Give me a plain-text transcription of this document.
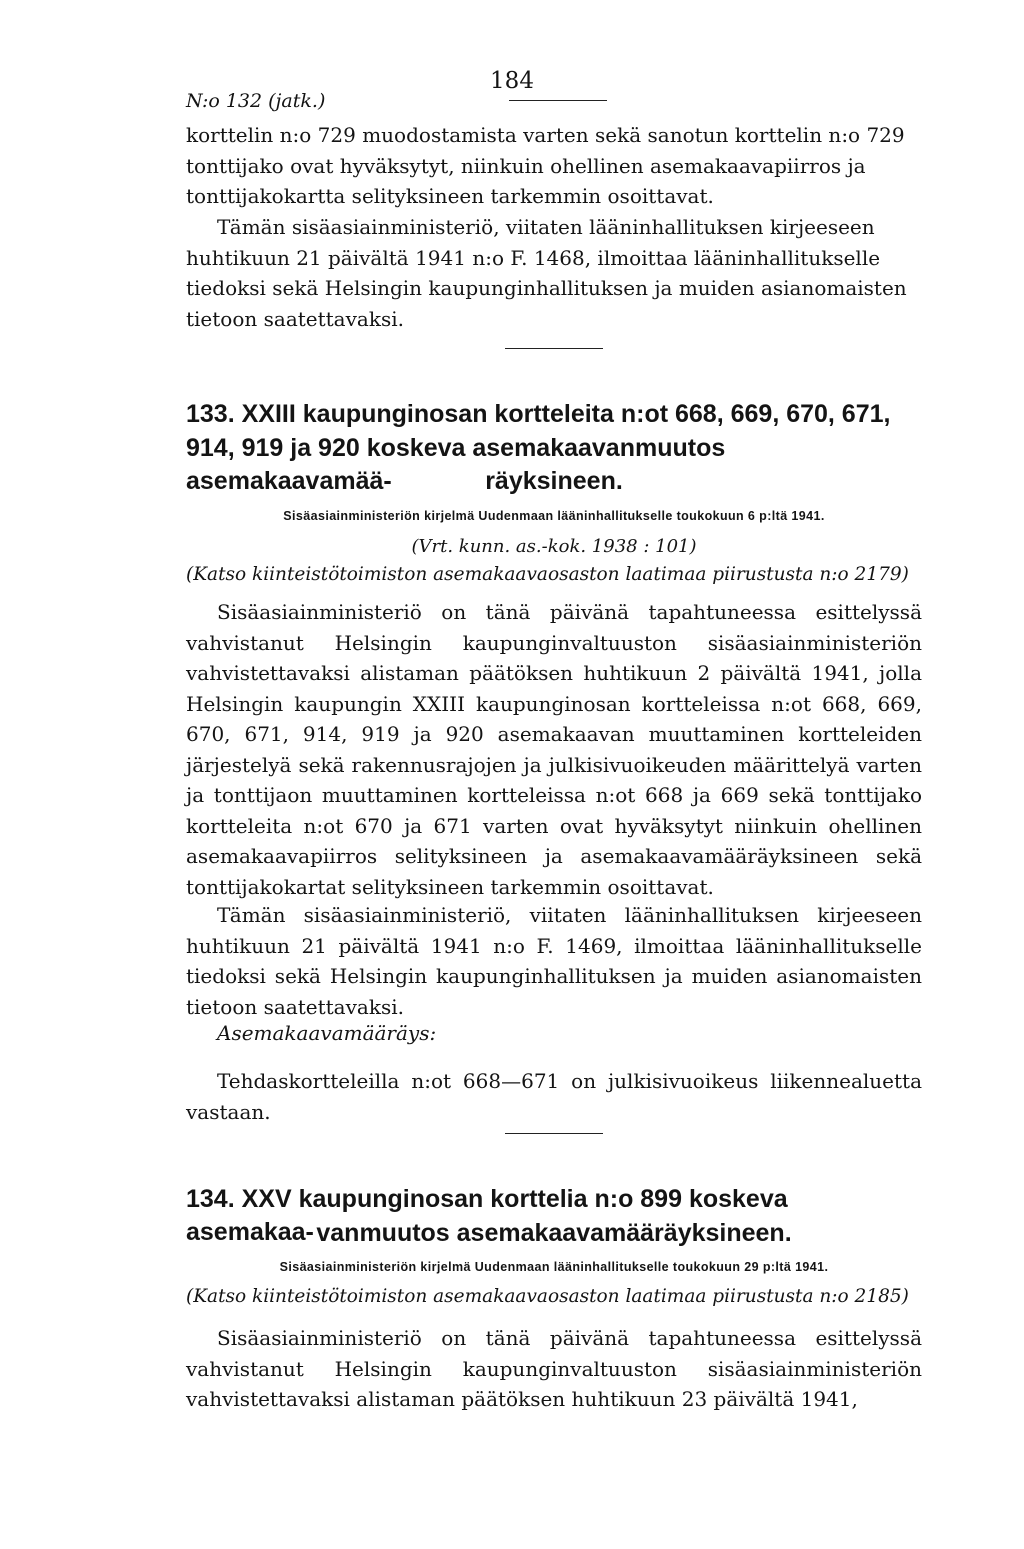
N:o 132 (jatk.)
184
korttelin n:o 729 muodostamista varten sekä sanotun korttelin n:o 729 tonttijako ovat hyväksytyt, niinkuin ohellinen asemakaavapiirros ja tonttijakokartta selityksineen tarkemmin osoittavat.
Tämän sisäasiainministeriö, viitaten lääninhallituksen kirjeeseen huhtikuun 21 päivältä 1941 n:o F. 1468, ilmoittaa lääninhallitukselle tiedoksi sekä Helsingin kaupunginhallituksen ja muiden asianomaisten tietoon saatettavaksi.
133. XXIII kaupunginosan kortteleita n:ot 668, 669, 670, 671,
914, 919 ja 920 koskeva asemakaavanmuutos asemakaavamää-	räyksineen.
Sisäasiainministeriön kirjelmä Uudenmaan lääninhallitukselle toukokuun 6 p:ltä 1941.
(Vrt. kunn. as.-kok. 1938 : 101)
(Katso kiinteistötoimiston asemakaavaosaston laatimaa piirustusta n:o 2179)
Sisäasiainministeriö on tänä päivänä tapahtuneessa esittelyssä vahvistanut Helsingin kaupunginvaltuuston sisäasiainministeriön vahvistettavaksi alistaman päätöksen huhtikuun 2 päivältä 1941, jolla Helsingin kaupungin XXIII kaupunginosan kortteleissa n:ot 668, 669, 670, 671, 914, 919 ja 920 asemakaavan muuttaminen kortteleiden järjestelyä sekä rakennusrajojen ja julkisivuoikeuden määrittelyä varten ja tonttijaon muuttaminen kortteleissa n:ot 668 ja 669 sekä tonttijako kortteleita n:ot 670 ja 671 varten ovat hyväksytyt niinkuin ohellinen asemakaavapiirros selityksineen ja asemakaavamääräyksineen sekä tonttijakokartat selityksineen tarkemmin osoittavat.
Tämän sisäasiainministeriö, viitaten lääninhallituksen kirjeeseen huhtikuun 21 päivältä 1941 n:o F. 1469, ilmoittaa lääninhallitukselle tiedoksi sekä Helsingin kaupunginhallituksen ja muiden asianomaisten tietoon saatettavaksi.
Asemakaavamääräys:
Tehdaskortteleilla n:ot 668—671 on julkisivuoikeus liikennealuetta vastaan.
134. XXV kaupunginosan korttelia n:o 899 koskeva asemakaa- vanmuutos asemakaavamääräyksineen.
Sisäasiainministeriön kirjelmä Uudenmaan lääninhallitukselle toukokuun 29 p:ltä 1941.
(Katso kiinteistötoimiston asemakaavaosaston laatimaa piirustusta n:o 2185)
Sisäasiainministeriö on tänä päivänä tapahtuneessa esittelyssä vahvistanut Helsingin kaupunginvaltuuston sisäasiainministeriön vahvistettavaksi alistaman päätöksen huhtikuun 23 päivältä 1941,
